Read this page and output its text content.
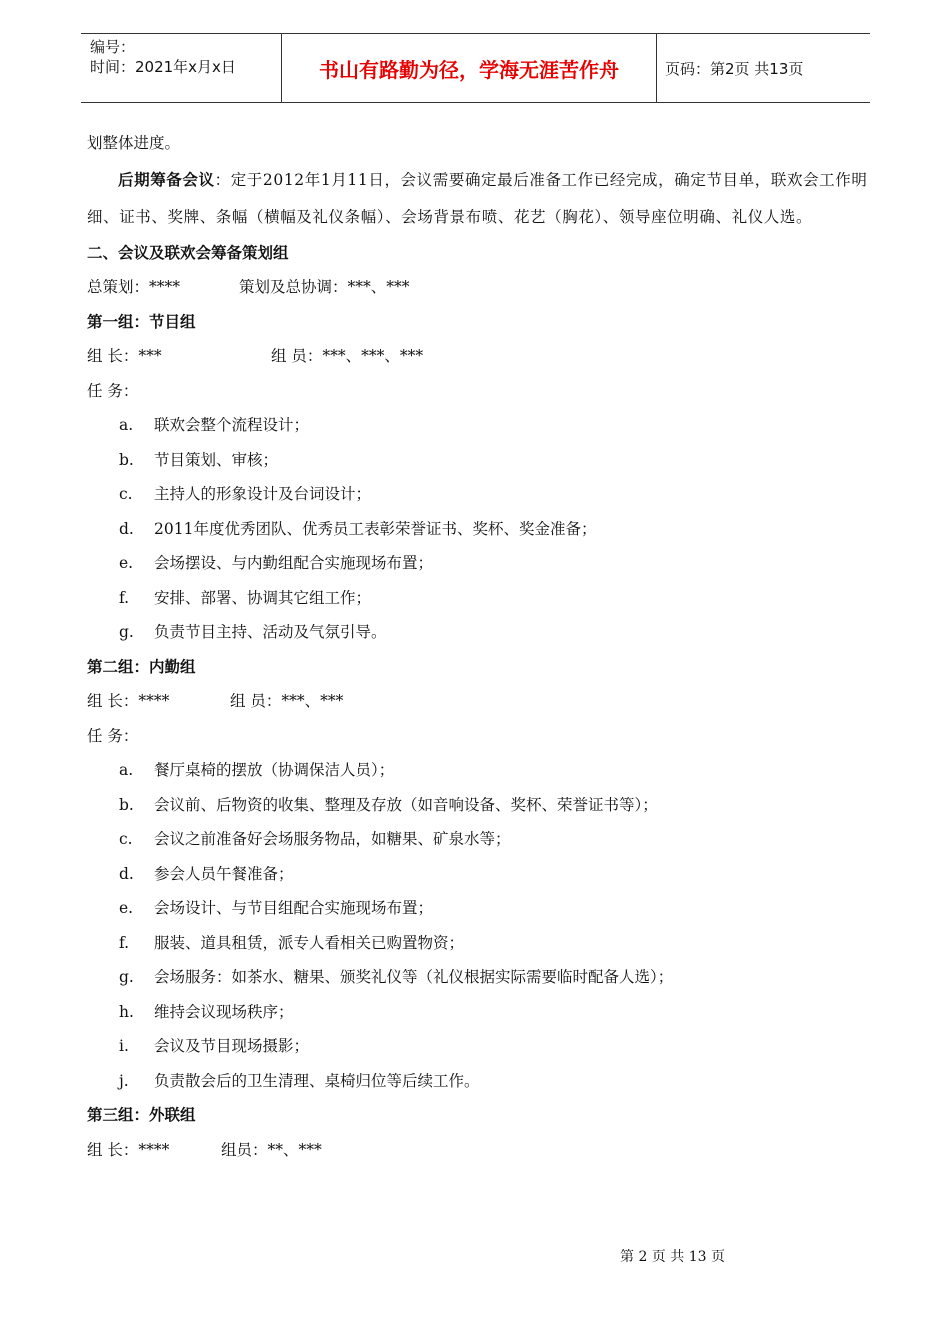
编号：
时间：2021年x月x日	书山有路勤为径，学海无涯苦作舟	页码：第2页 共13页
划整体进度。
后期筹备会议：定于2012年1月11日，会议需要确定最后准备工作已经完成，确定节目单，联欢会工作明细、证书、奖牌、条幅（横幅及礼仪条幅）、会场背景布喷、花艺（胸花）、领导座位明确、礼仪人选。
二、会议及联欢会筹备策划组
总策划：****	策划及总协调：***、***
第一组：节目组
组 长：***	组 员：***、***、***
任 务：
a. 联欢会整个流程设计；
b. 节目策划、审核；
c. 主持人的形象设计及台词设计；
d. 2011年度优秀团队、优秀员工表彰荣誉证书、奖杯、奖金准备；
e. 会场摆设、与内勤组配合实施现场布置；
f. 安排、部署、协调其它组工作；
g. 负责节目主持、活动及气氛引导。
第二组：内勤组
组 长：****	组 员：***、***
任 务：
a. 餐厅桌椅的摆放（协调保洁人员）；
b. 会议前、后物资的收集、整理及存放（如音响设备、奖杯、荣誉证书等）；
c. 会议之前准备好会场服务物品，如糖果、矿泉水等；
d. 参会人员午餐准备；
e. 会场设计、与节目组配合实施现场布置；
f. 服装、道具租赁，派专人看相关已购置物资；
g. 会场服务：如茶水、糖果、颁奖礼仪等（礼仪根据实际需要临时配备人选）；
h. 维持会议现场秩序；
i. 会议及节目现场摄影；
j. 负责散会后的卫生清理、桌椅归位等后续工作。
第三组：外联组
组 长：****	组员：**、***
第 2 页 共 13 页
